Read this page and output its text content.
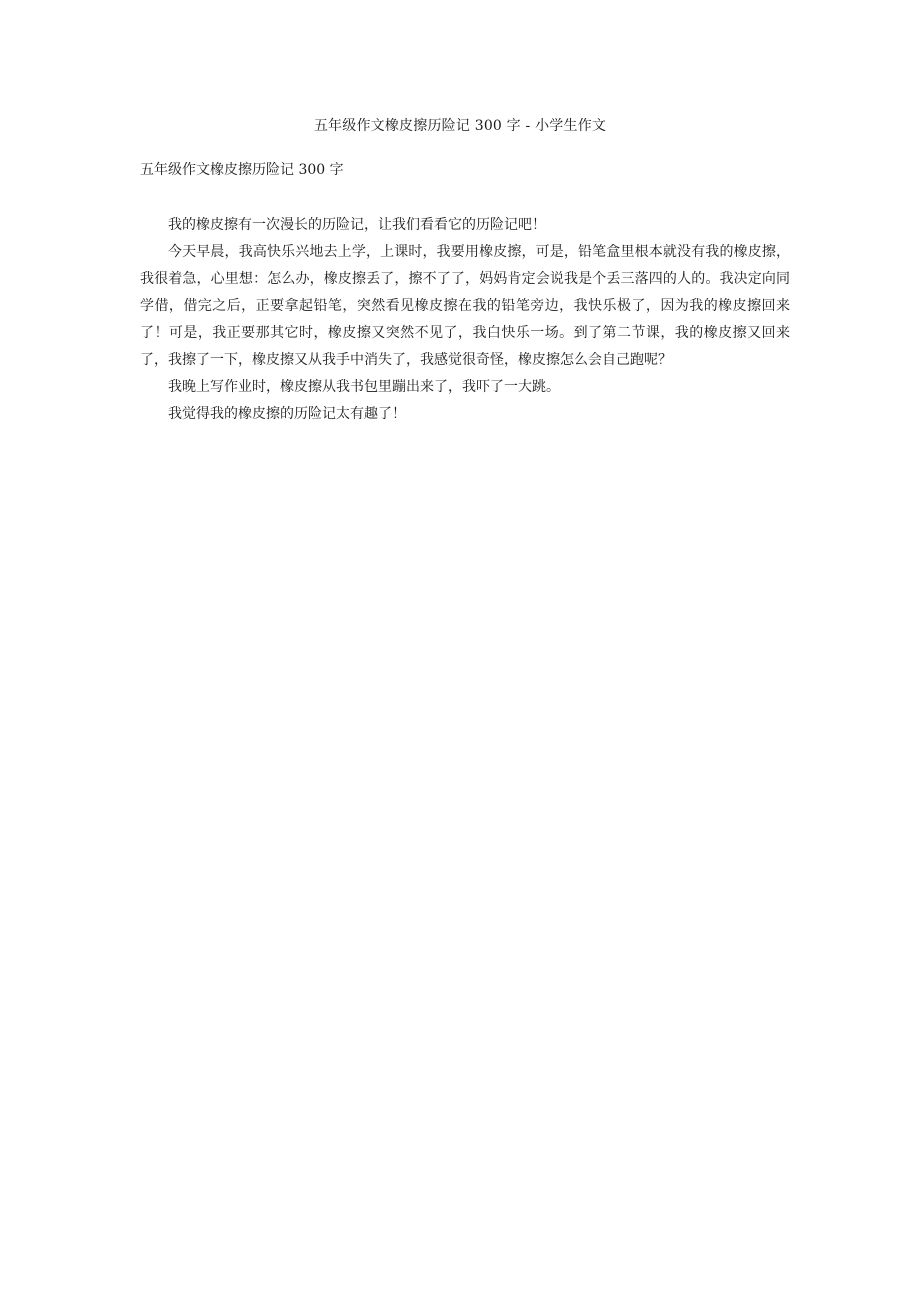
五年级作文橡皮擦历险记 300 字 - 小学生作文
五年级作文橡皮擦历险记 300 字

我的橡皮擦有一次漫长的历险记，让我们看看它的历险记吧！

今天早晨，我高快乐兴地去上学，上课时，我要用橡皮擦，可是，铅笔盒里根本就没有我的橡皮擦，我很着急，心里想：怎么办，橡皮擦丢了，擦不了了，妈妈肯定会说我是个丢三落四的人的。我决定向同学借，借完之后，正要拿起铅笔，突然看见橡皮擦在我的铅笔旁边，我快乐极了，因为我的橡皮擦回来了！可是，我正要那其它时，橡皮擦又突然不见了，我白快乐一场。到了第二节课，我的橡皮擦又回来了，我擦了一下，橡皮擦又从我手中消失了，我感觉很奇怪，橡皮擦怎么会自己跑呢？

我晚上写作业时，橡皮擦从我书包里蹦出来了，我吓了一大跳。

我觉得我的橡皮擦的历险记太有趣了！
